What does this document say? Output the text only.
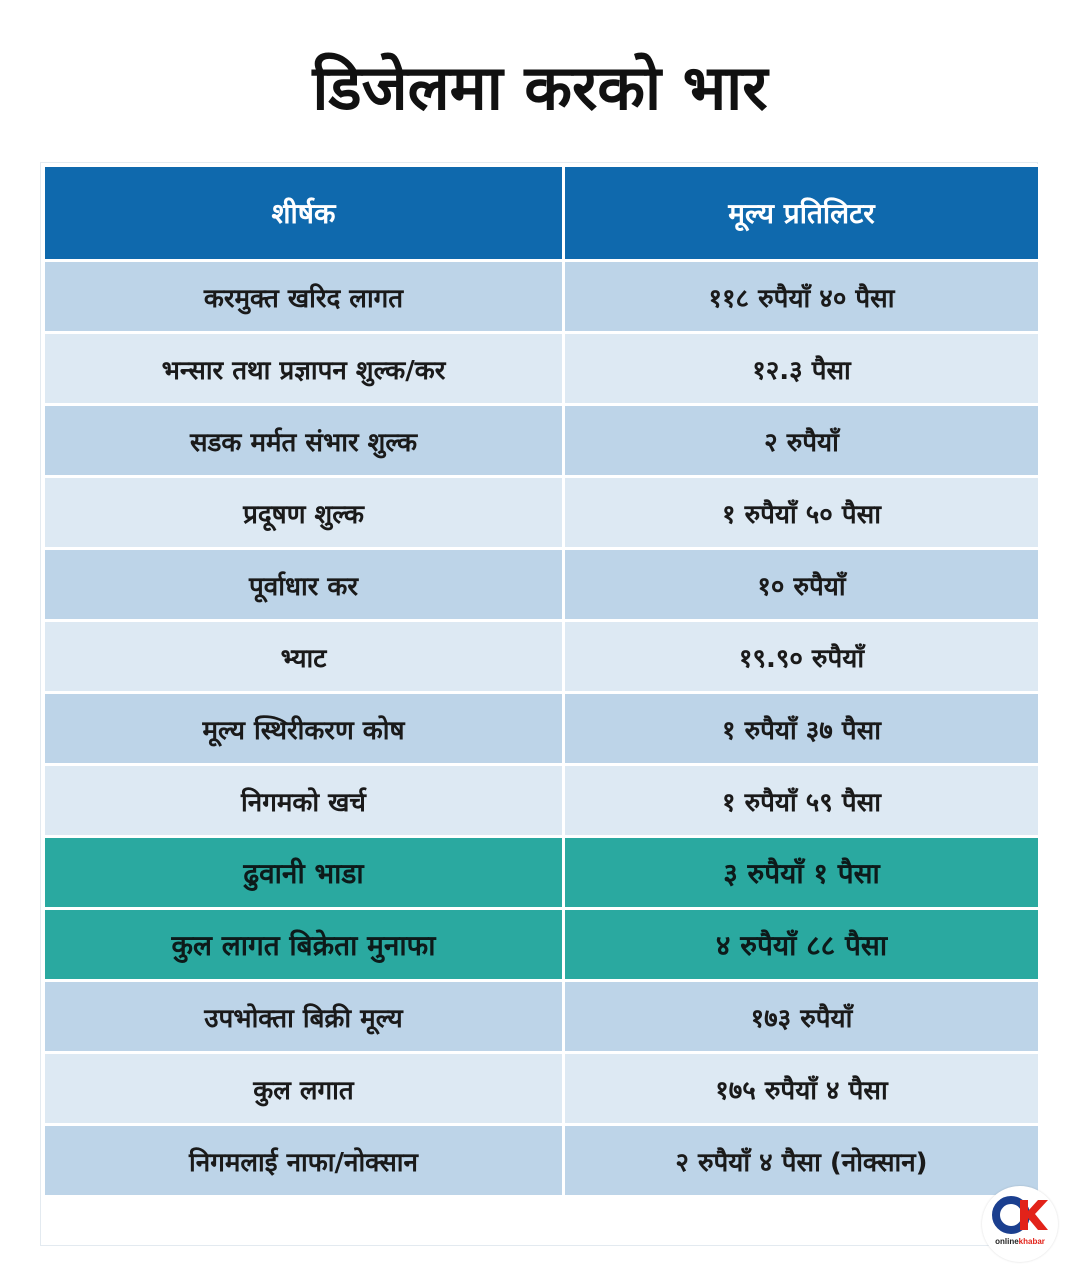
डिजेलमा करको भार
शीर्षक	मूल्य प्रतिलिटर
करमुक्त खरिद लागत	११८ रुपैयाँ ४० पैसा
भन्सार तथा प्रज्ञापन शुल्क/कर	१२.३ पैसा
सडक मर्मत संभार शुल्क	२ रुपैयाँ
प्रदूषण शुल्क	१ रुपैयाँ ५० पैसा
पूर्वाधार कर	१० रुपैयाँ
भ्याट	१९.९० रुपैयाँ
मूल्य स्थिरीकरण कोष	१ रुपैयाँ ३७ पैसा
निगमको खर्च	१ रुपैयाँ ५९ पैसा
ढुवानी भाडा	३ रुपैयाँ १ पैसा
कुल लागत बिक्रेता मुनाफा	४ रुपैयाँ ८८ पैसा
उपभोक्ता बिक्री मूल्य	१७३ रुपैयाँ
कुल लगात	१७५ रुपैयाँ ४ पैसा
निगमलाई नाफा/नोक्सान	२ रुपैयाँ ४ पैसा (नोक्सान)
onlinekhabar
